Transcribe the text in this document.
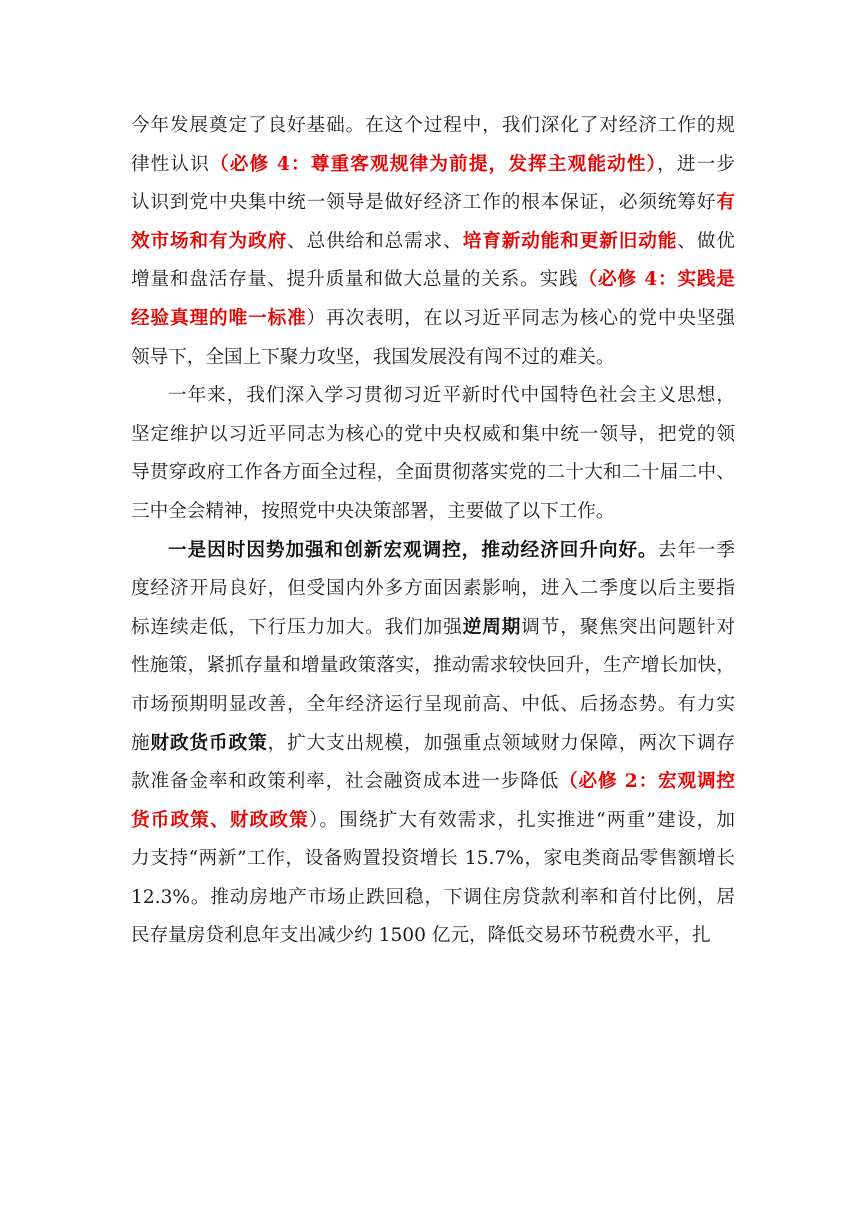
今年发展奠定了良好基础。在这个过程中，我们深化了对经济工作的规
律性认识（必修 4：尊重客观规律为前提，发挥主观能动性），进一步
认识到党中央集中统一领导是做好经济工作的根本保证，必须统筹好有
效市场和有为政府、总供给和总需求、培育新动能和更新旧动能、做优
增量和盘活存量、提升质量和做大总量的关系。实践（必修 4：实践是
经验真理的唯一标准）再次表明，在以习近平同志为核心的党中央坚强
领导下，全国上下聚力攻坚，我国发展没有闯不过的难关。
一年来，我们深入学习贯彻习近平新时代中国特色社会主义思想，
坚定维护以习近平同志为核心的党中央权威和集中统一领导，把党的领
导贯穿政府工作各方面全过程，全面贯彻落实党的二十大和二十届二中、
三中全会精神，按照党中央决策部署，主要做了以下工作。
一是因时因势加强和创新宏观调控，推动经济回升向好。去年一季
度经济开局良好，但受国内外多方面因素影响，进入二季度以后主要指
标连续走低，下行压力加大。我们加强逆周期调节，聚焦突出问题针对
性施策，紧抓存量和增量政策落实，推动需求较快回升，生产增长加快，
市场预期明显改善，全年经济运行呈现前高、中低、后扬态势。有力实
施财政货币政策，扩大支出规模，加强重点领域财力保障，两次下调存
款准备金率和政策利率，社会融资成本进一步降低（必修 2：宏观调控
货币政策、财政政策）。围绕扩大有效需求，扎实推进“两重”建设，加
力支持“两新”工作，设备购置投资增长 15.7%，家电类商品零售额增长
12.3%。推动房地产市场止跌回稳，下调住房贷款利率和首付比例，居
民存量房贷利息年支出减少约 1500 亿元，降低交易环节税费水平，扎
